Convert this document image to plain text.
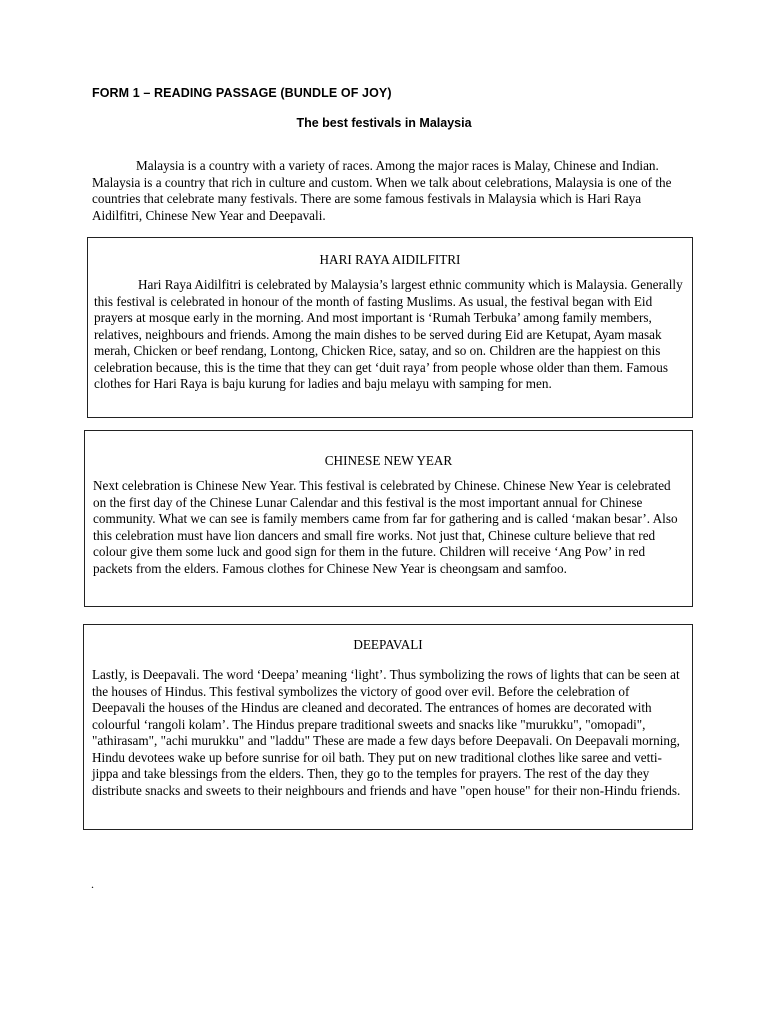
FORM 1 – READING PASSAGE (BUNDLE OF JOY)

The best festivals in Malaysia

Malaysia is a country with a variety of races. Among the major races is Malay, Chinese and Indian. Malaysia is a country that rich in culture and custom. When we talk about celebrations, Malaysia is one of the countries that celebrate many festivals. There are some famous festivals in Malaysia which is Hari Raya Aidilfitri, Chinese New Year and Deepavali.

HARI RAYA AIDILFITRI

Hari Raya Aidilfitri is celebrated by Malaysia’s largest ethnic community which is Malaysia. Generally this festival is celebrated in honour of the month of fasting Muslims. As usual, the festival began with Eid prayers at mosque early in the morning. And most important is ‘Rumah Terbuka’ among family members, relatives, neighbours and friends. Among the main dishes to be served during Eid are Ketupat, Ayam masak merah, Chicken or beef rendang, Lontong, Chicken Rice, satay, and so on. Children are the happiest on this celebration because, this is the time that they can get ‘duit raya’ from people whose older than them. Famous clothes for Hari Raya is baju kurung for ladies and baju melayu with samping for men.

CHINESE NEW YEAR

Next celebration is Chinese New Year. This festival is celebrated by Chinese. Chinese New Year is celebrated on the first day of the Chinese Lunar Calendar and this festival is the most important annual for Chinese community. What we can see is family members came from far for gathering and is called ‘makan besar’. Also this celebration must have lion dancers and small fire works. Not just that, Chinese culture believe that red colour give them some luck and good sign for them in the future. Children will receive ‘Ang Pow’ in red packets from the elders. Famous clothes for Chinese New Year is cheongsam and samfoo.

DEEPAVALI

Lastly, is Deepavali. The word ‘Deepa’ meaning ‘light’. Thus symbolizing the rows of lights that can be seen at the houses of Hindus. This festival symbolizes the victory of good over evil. Before the celebration of Deepavali the houses of the Hindus are cleaned and decorated. The entrances of homes are decorated with colourful ‘rangoli kolam’. The Hindus prepare traditional sweets and snacks like "murukku", "omopadi", "athirasam", "achi murukku" and "laddu" These are made a few days before Deepavali. On Deepavali morning, Hindu devotees wake up before sunrise for oil bath. They put on new traditional clothes like saree and vetti-jippa and take blessings from the elders. Then, they go to the temples for prayers. The rest of the day they distribute snacks and sweets to their neighbours and friends and have "open house" for their non-Hindu friends.

.
